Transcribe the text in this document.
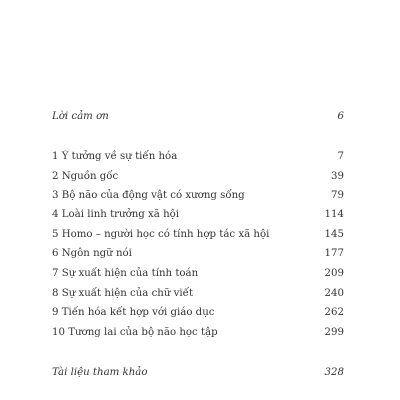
Lời cảm ơn	6
1 Ý tưởng về sự tiến hóa	7
2 Nguồn gốc	39
3 Bộ não của động vật có xương sống	79
4 Loài linh trưởng xã hội	114
5 Homo – người học có tính hợp tác xã hội	145
6 Ngôn ngữ nói	177
7 Sự xuất hiện của tính toán	209
8 Sự xuất hiện của chữ viết	240
9 Tiến hóa kết hợp với giáo dục	262
10 Tương lai của bộ não học tập	299
Tài liệu tham khảo	328
